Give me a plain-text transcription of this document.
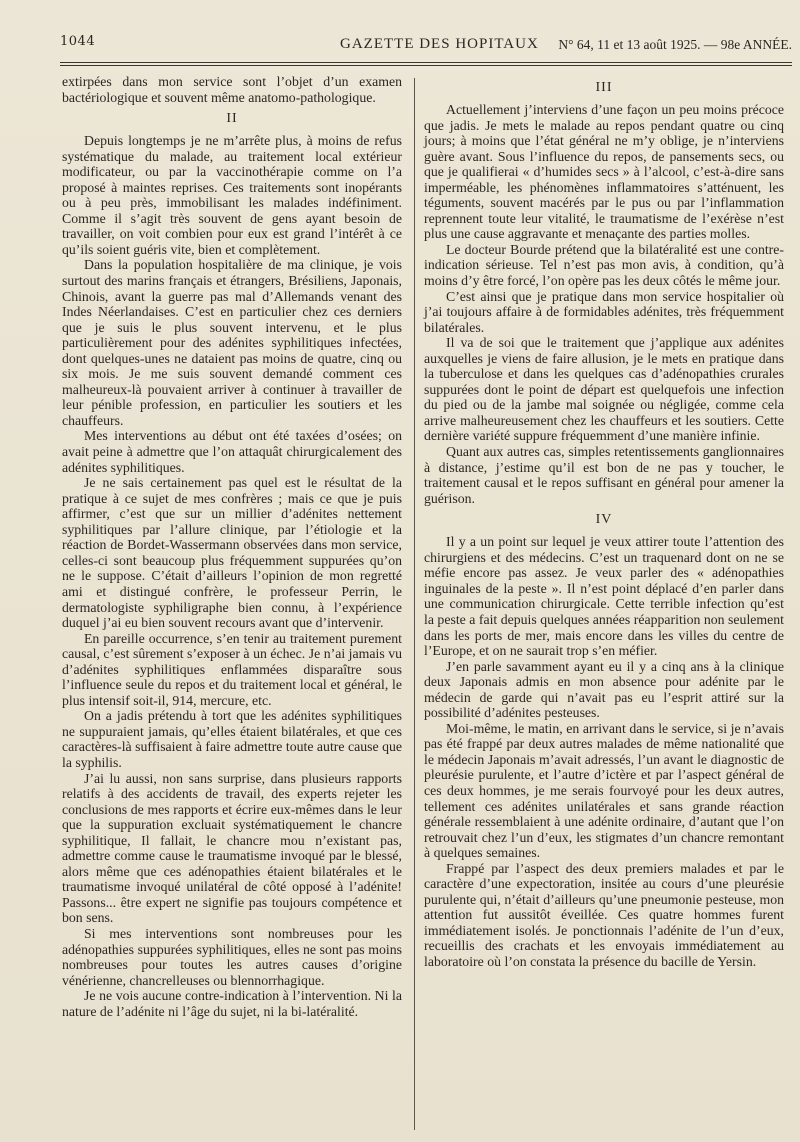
1044	GAZETTE DES HOPITAUX N° 64, 11 et 13 août 1925. — 98e ANNÉE.

extirpées dans mon service sont l’objet d’un examen bactériologique et souvent même anatomo-pathologique.

II

Depuis longtemps je ne m’arrête plus, à moins de refus systématique du malade, au traitement local extérieur modificateur, ou par la vaccinothérapie comme on l’a proposé à maintes reprises. Ces traitements sont inopérants ou à peu près, immobilisant les malades indéfiniment. Comme il s’agit très souvent de gens ayant besoin de travailler, on voit combien pour eux est grand l’intérêt à ce qu’ils soient guéris vite, bien et complètement.

Dans la population hospitalière de ma clinique, je vois surtout des marins français et étrangers, Brésiliens, Japonais, Chinois, avant la guerre pas mal d’Allemands venant des Indes Néerlandaises. C’est en particulier chez ces derniers que je suis le plus souvent intervenu, et le plus particulièrement pour des adénites syphilitiques infectées, dont quelques-unes ne dataient pas moins de quatre, cinq ou six mois. Je me suis souvent demandé comment ces malheureux-là pouvaient arriver à continuer à travailler de leur pénible profession, en particulier les soutiers et les chauffeurs.

Mes interventions au début ont été taxées d’osées; on avait peine à admettre que l’on attaquât chirurgicalement des adénites syphilitiques.

Je ne sais certainement pas quel est le résultat de la pratique à ce sujet de mes confrères ; mais ce que je puis affirmer, c’est que sur un millier d’adénites nettement syphilitiques par l’allure clinique, par l’étiologie et la réaction de Bordet-Wassermann observées dans mon service, celles-ci sont beaucoup plus fréquemment suppurées qu’on ne le suppose. C’était d’ailleurs l’opinion de mon regretté ami et distingué confrère, le professeur Perrin, le dermatologiste syphiligraphe bien connu, à l’expérience duquel j’ai eu bien souvent recours avant que d’intervenir.

En pareille occurrence, s’en tenir au traitement purement causal, c’est sûrement s’exposer à un échec. Je n’ai jamais vu d’adénites syphilitiques enflammées disparaître sous l’influence seule du repos et du traitement local et général, le plus intensif soit-il, 914, mercure, etc.

On a jadis prétendu à tort que les adénites syphilitiques ne suppuraient jamais, qu’elles étaient bilatérales, et que ces caractères-là suffisaient à faire admettre toute autre cause que la syphilis.

J’ai lu aussi, non sans surprise, dans plusieurs rapports relatifs à des accidents de travail, des experts rejeter les conclusions de mes rapports et écrire eux-mêmes dans le leur que la suppuration excluait systématiquement le chancre syphilitique, Il fallait, le chancre mou n’existant pas, admettre comme cause le traumatisme invoqué par le blessé, alors même que ces adénopathies étaient bilatérales et le traumatisme invoqué unilatéral de côté opposé à l’adénite! Passons... être expert ne signifie pas toujours compétence et bon sens.

Si mes interventions sont nombreuses pour les adénopathies suppurées syphilitiques, elles ne sont pas moins nombreuses pour toutes les autres causes d’origine vénérienne, chancrelleuses ou blennorrhagique.

Je ne vois aucune contre-indication à l’intervention. Ni la nature de l’adénite ni l’âge du sujet, ni la bi-latéralité.

III

Actuellement j’interviens d’une façon un peu moins précoce que jadis. Je mets le malade au repos pendant quatre ou cinq jours; à moins que l’état général ne m’y oblige, je n’interviens guère avant. Sous l’influence du repos, de pansements secs, ou que je qualifierai « d’humides secs » à l’alcool, c’est-à-dire sans imperméable, les phénomènes inflammatoires s’atténuent, les téguments, souvent macérés par le pus ou par l’inflammation reprennent toute leur vitalité, le traumatisme de l’exérèse n’est plus une cause aggravante et menaçante des parties molles.

Le docteur Bourde prétend que la bilatéralité est une contre-indication sérieuse. Tel n’est pas mon avis, à condition, qu’à moins d’y être forcé, l’on opère pas les deux côtés le même jour.

C’est ainsi que je pratique dans mon service hospitalier où j’ai toujours affaire à de formidables adénites, très fréquemment bilatérales.

Il va de soi que le traitement que j’applique aux adénites auxquelles je viens de faire allusion, je le mets en pratique dans la tuberculose et dans les quelques cas d’adénopathies crurales suppurées dont le point de départ est quelquefois une infection du pied ou de la jambe mal soignée ou négligée, comme cela arrive malheureusement chez les chauffeurs et les soutiers. Cette dernière variété suppure fréquemment d’une manière infinie.

Quant aux autres cas, simples retentissements ganglionnaires à distance, j’estime qu’il est bon de ne pas y toucher, le traitement causal et le repos suffisant en général pour amener la guérison.

IV

Il y a un point sur lequel je veux attirer toute l’attention des chirurgiens et des médecins. C’est un traquenard dont on ne se méfie encore pas assez. Je veux parler des « adénopathies inguinales de la peste ». Il n’est point déplacé d’en parler dans une communication chirurgicale. Cette terrible infection qu’est la peste a fait depuis quelques années réapparition non seulement dans les ports de mer, mais encore dans les villes du centre de l’Europe, et on ne saurait trop s’en méfier.

J’en parle savamment ayant eu il y a cinq ans à la clinique deux Japonais admis en mon absence pour adénite par le médecin de garde qui n’avait pas eu l’esprit attiré sur la possibilité d’adénites pesteuses.

Moi-même, le matin, en arrivant dans le service, si je n’avais pas été frappé par deux autres malades de même nationalité que le médecin Japonais m’avait adressés, l’un avant le diagnostic de pleurésie purulente, et l’autre d’ictère et par l’aspect général de ces deux hommes, je me serais fourvoyé pour les deux autres, tellement ces adénites unilatérales et sans grande réaction générale ressemblaient à une adénite ordinaire, d’autant que l’on retrouvait chez l’un d’eux, les stigmates d’un chancre remontant à quelques semaines.

Frappé par l’aspect des deux premiers malades et par le caractère d’une expectoration, insitée au cours d’une pleurésie purulente qui, n’était d’ailleurs qu’une pneumonie pesteuse, mon attention fut aussitôt éveillée. Ces quatre hommes furent immédiatement isolés. Je ponctionnais l’adénite de l’un d’eux, recueillis des crachats et les envoyais immédiatement au laboratoire où l’on constata la présence du bacille de Yersin.
